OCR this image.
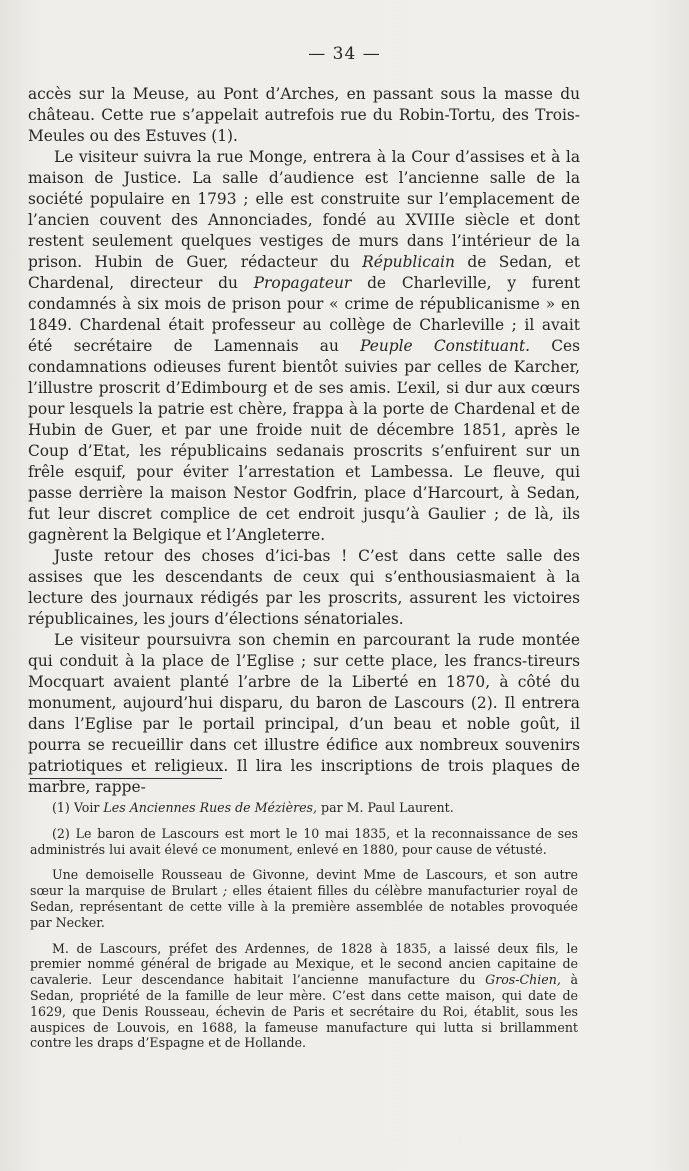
— 34 —

accès sur la Meuse, au Pont d’Arches, en passant sous la masse du château. Cette rue s’appelait autrefois rue du Robin-Tortu, des Trois-Meules ou des Estuves (1).

Le visiteur suivra la rue Monge, entrera à la Cour d’assises et à la maison de Justice. La salle d’audience est l’ancienne salle de la société populaire en 1793 ; elle est construite sur l’emplacement de l’ancien couvent des Annonciades, fondé au XVIIIe siècle et dont restent seulement quelques vestiges de murs dans l’intérieur de la prison. Hubin de Guer, rédacteur du Républicain de Sedan, et Chardenal, directeur du Propagateur de Charleville, y furent condamnés à six mois de prison pour « crime de républicanisme » en 1849. Chardenal était professeur au collège de Charleville ; il avait été secrétaire de Lamennais au Peuple Constituant. Ces condamnations odieuses furent bientôt suivies par celles de Karcher, l’illustre proscrit d’Edimbourg et de ses amis. L’exil, si dur aux cœurs pour lesquels la patrie est chère, frappa à la porte de Chardenal et de Hubin de Guer, et par une froide nuit de décembre 1851, après le Coup d’Etat, les républicains sedanais proscrits s’enfuirent sur un frêle esquif, pour éviter l’arrestation et Lambessa. Le fleuve, qui passe derrière la maison Nestor Godfrin, place d’Harcourt, à Sedan, fut leur discret complice de cet endroit jusqu’à Gaulier ; de là, ils gagnèrent la Belgique et l’Angleterre.

Juste retour des choses d’ici-bas ! C’est dans cette salle des assises que les descendants de ceux qui s’enthousiasmaient à la lecture des journaux rédigés par les proscrits, assurent les victoires républicaines, les jours d’élections sénatoriales.

Le visiteur poursuivra son chemin en parcourant la rude montée qui conduit à la place de l’Eglise ; sur cette place, les francs-tireurs Mocquart avaient planté l’arbre de la Liberté en 1870, à côté du monument, aujourd’hui disparu, du baron de Lascours (2). Il entrera dans l’Eglise par le portail principal, d’un beau et noble goût, il pourra se recueillir dans cet illustre édifice aux nombreux souvenirs patriotiques et religieux. Il lira les inscriptions de trois plaques de marbre, rappe-

(1) Voir Les Anciennes Rues de Mézières, par M. Paul Laurent.

(2) Le baron de Lascours est mort le 10 mai 1835, et la reconnaissance de ses administrés lui avait élevé ce monument, enlevé en 1880, pour cause de vétusté.

Une demoiselle Rousseau de Givonne, devint Mme de Lascours, et son autre sœur la marquise de Brulart ; elles étaient filles du célèbre manufacturier royal de Sedan, représentant de cette ville à la première assemblée de notables provoquée par Necker.

M. de Lascours, préfet des Ardennes, de 1828 à 1835, a laissé deux fils, le premier nommé général de brigade au Mexique, et le second ancien capitaine de cavalerie. Leur descendance habitait l’ancienne manufacture du Gros-Chien, à Sedan, propriété de la famille de leur mère. C’est dans cette maison, qui date de 1629, que Denis Rousseau, échevin de Paris et secrétaire du Roi, établit, sous les auspices de Louvois, en 1688, la fameuse manufacture qui lutta si brillamment contre les draps d’Espagne et de Hollande.
